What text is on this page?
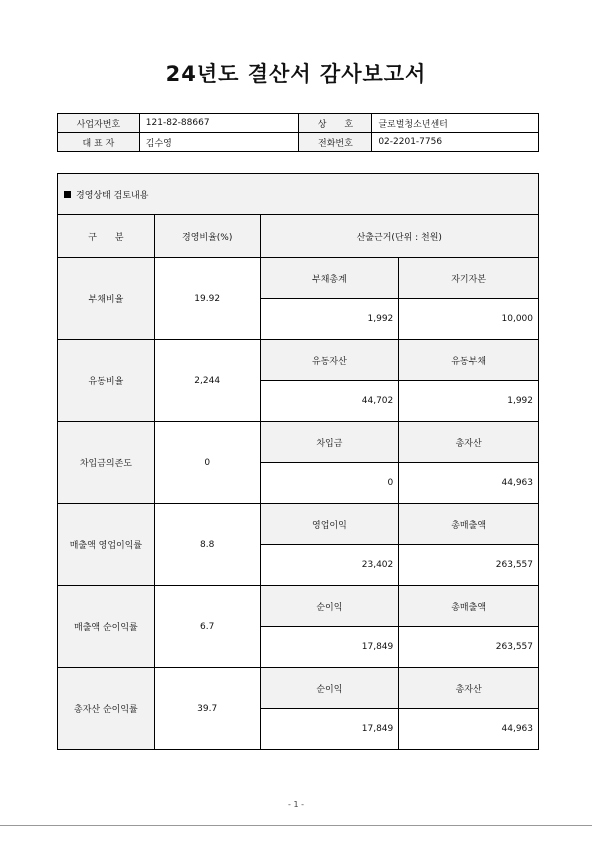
24년도 결산서 감사보고서
사업자번호	121-82-88667	상　　호	글로벌청소년센터
대 표 자	김수영	전화번호	02-2201-7756
경영상태 검토내용			
구　　분	경영비율(%)	산출근거(단위 : 천원)	
부채비율	19.92	부채총계	자기자본
		1,992	10,000
유동비율	2,244	유동자산	유동부채
		44,702	1,992
차입금의존도	0	차입금	총자산
		0	44,963
매출액 영업이익률	8.8	영업이익	총매출액
		23,402	263,557
매출액 순이익률	6.7	순이익	총매출액
		17,849	263,557
총자산 순이익률	39.7	순이익	총자산
		17,849	44,963
- 1 -
